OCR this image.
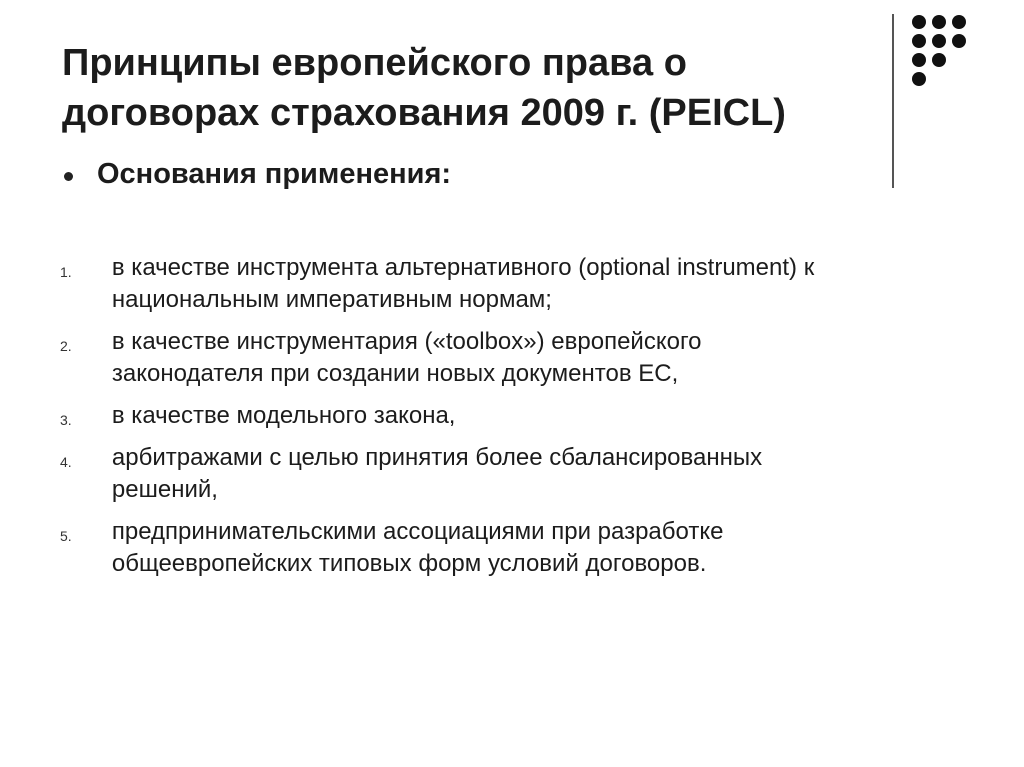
Принципы европейского права о
договорах страхования 2009 г. (PEICL)
Основания применения:
1.	в качестве инструмента альтернативного (optional instrument) к
национальным императивным нормам;
2.	в качестве инструментария («toolbox») европейского
законодателя при создании новых документов ЕС,
3.	в качестве модельного закона,
4.	арбитражами с целью принятия более сбалансированных
решений,
5.	предпринимательскими ассоциациями при разработке
общеевропейских типовых форм условий договоров.
